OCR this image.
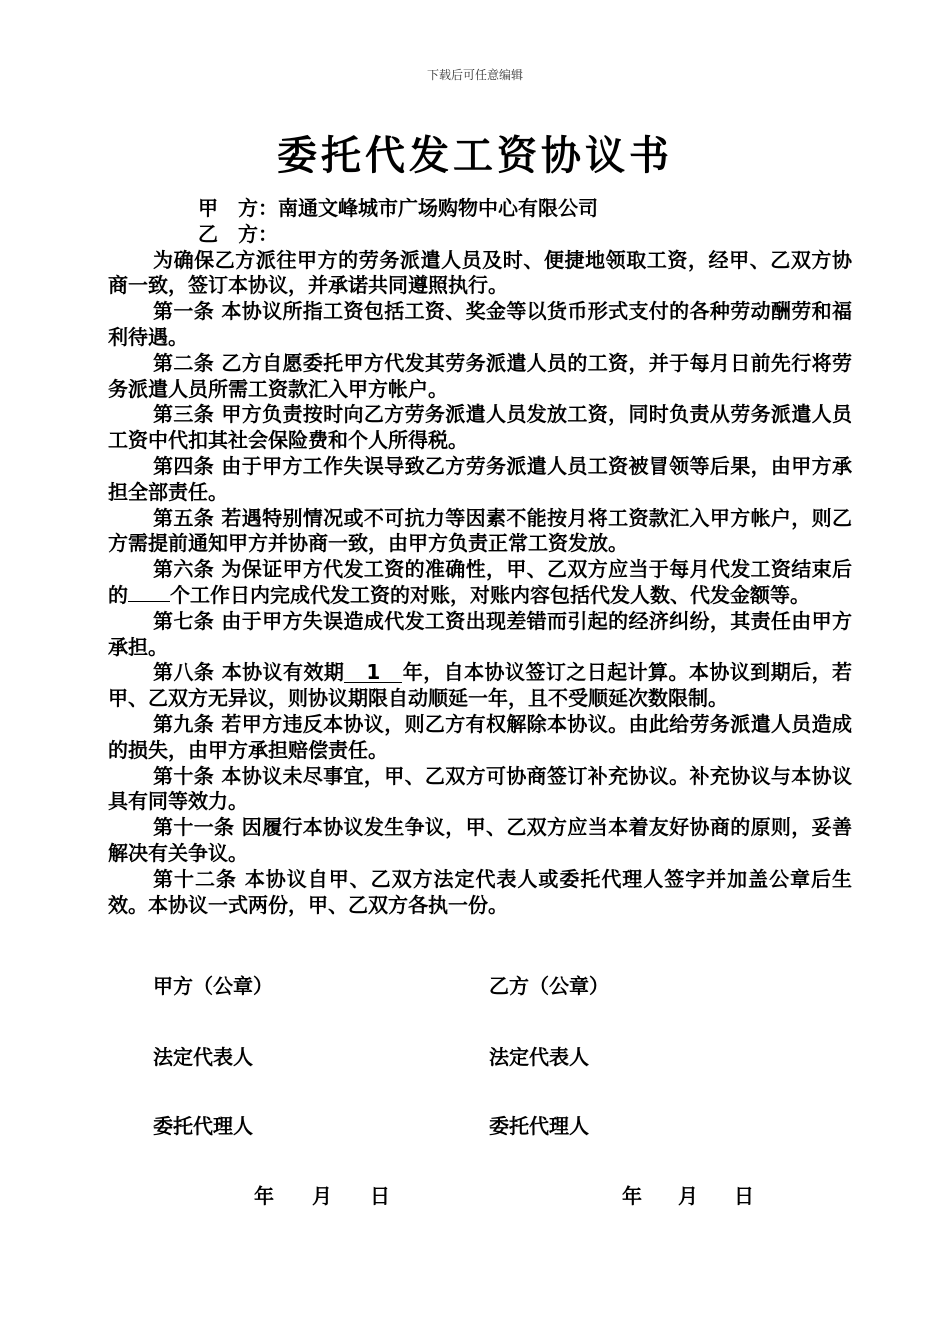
下载后可任意编辑
委托代发工资协议书

甲　方：南通文峰城市广场购物中心有限公司

乙　方：

为确保乙方派往甲方的劳务派遣人员及时、便捷地领取工资，经甲、乙双方协商一致，签订本协议，并承诺共同遵照执行。

第一条 本协议所指工资包括工资、奖金等以货币形式支付的各种劳动酬劳和福利待遇。

第二条 乙方自愿委托甲方代发其劳务派遣人员的工资，并于每月日前先行将劳务派遣人员所需工资款汇入甲方帐户。

第三条 甲方负责按时向乙方劳务派遣人员发放工资，同时负责从劳务派遣人员工资中代扣其社会保险费和个人所得税。

第四条 由于甲方工作失误导致乙方劳务派遣人员工资被冒领等后果，由甲方承担全部责任。

第五条 若遇特别情况或不可抗力等因素不能按月将工资款汇入甲方帐户，则乙方需提前通知甲方并协商一致，由甲方负责正常工资发放。

第六条 为保证甲方代发工资的准确性，甲、乙双方应当于每月代发工资结束后的 个工作日内完成代发工资的对账，对账内容包括代发人数、代发金额等。

第七条 由于甲方失误造成代发工资出现差错而引起的经济纠纷，其责任由甲方承担。

第八条 本协议有效期 1 年，自本协议签订之日起计算。本协议到期后，若甲、乙双方无异议，则协议期限自动顺延一年，且不受顺延次数限制。

第九条 若甲方违反本协议，则乙方有权解除本协议。由此给劳务派遣人员造成的损失，由甲方承担赔偿责任。

第十条 本协议未尽事宜，甲、乙双方可协商签订补充协议。补充协议与本协议具有同等效力。

第十一条 因履行本协议发生争议，甲、乙双方应当本着友好协商的原则，妥善解决有关争议。

第十二条 本协议自甲、乙双方法定代表人或委托代理人签字并加盖公章后生效。本协议一式两份，甲、乙双方各执一份。

甲方（公章）	乙方（公章）
法定代表人	法定代表人
委托代理人	委托代理人
年 月 日	年 月 日
